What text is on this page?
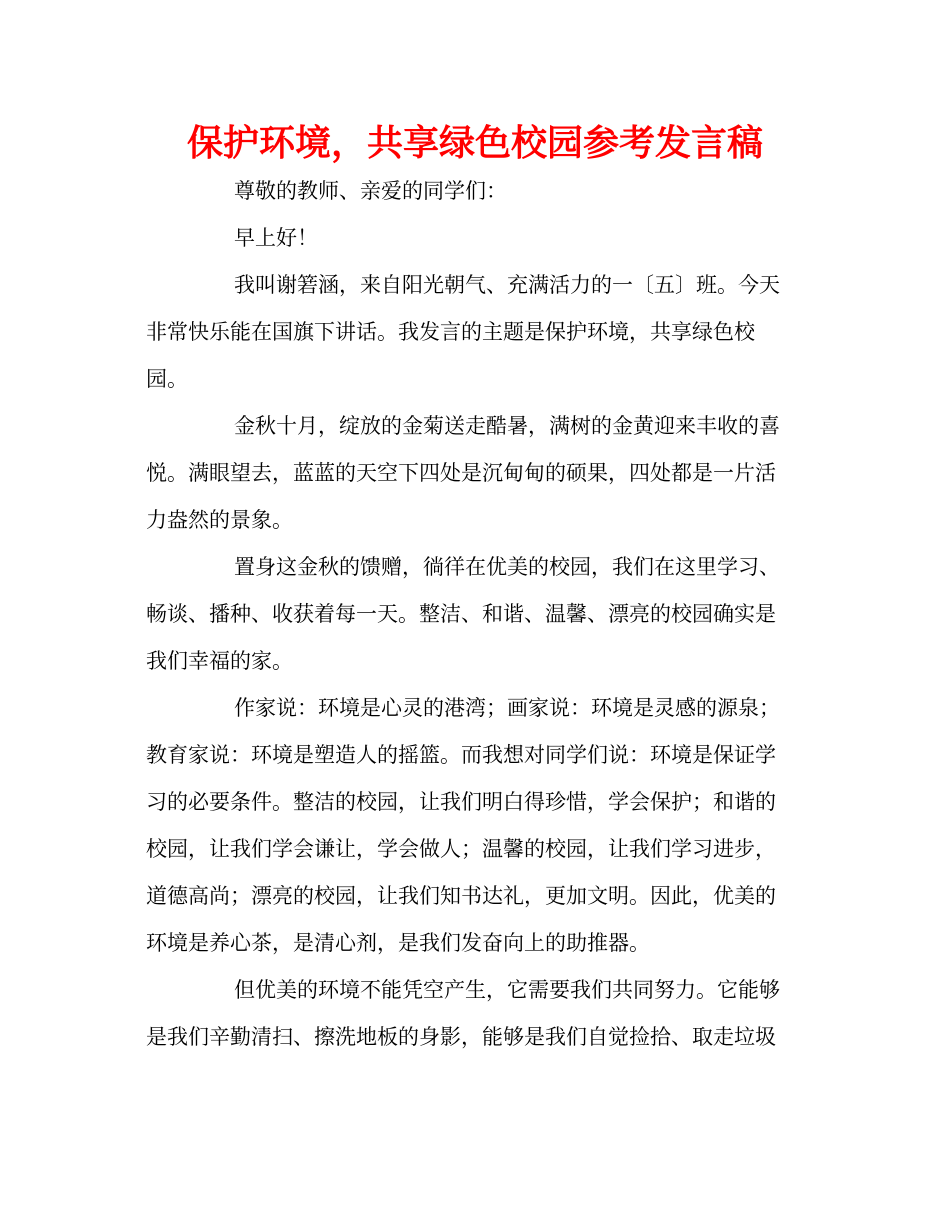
保护环境，共享绿色校园参考发言稿
尊敬的教师、亲爱的同学们：
早上好！
我叫谢箬涵，来自阳光朝气、充满活力的一〔五〕班。今天
非常快乐能在国旗下讲话。我发言的主题是保护环境，共享绿色校
园。
金秋十月，绽放的金菊送走酷暑，满树的金黄迎来丰收的喜
悦。满眼望去，蓝蓝的天空下四处是沉甸甸的硕果，四处都是一片活
力盎然的景象。
置身这金秋的馈赠，徜徉在优美的校园，我们在这里学习、
畅谈、播种、收获着每一天。整洁、和谐、温馨、漂亮的校园确实是
我们幸福的家。
作家说：环境是心灵的港湾；画家说：环境是灵感的源泉；
教育家说：环境是塑造人的摇篮。而我想对同学们说：环境是保证学
习的必要条件。整洁的校园，让我们明白得珍惜，学会保护；和谐的
校园，让我们学会谦让，学会做人；温馨的校园，让我们学习进步，
道德高尚；漂亮的校园，让我们知书达礼，更加文明。因此，优美的
环境是养心茶，是清心剂，是我们发奋向上的助推器。
但优美的环境不能凭空产生，它需要我们共同努力。它能够
是我们辛勤清扫、擦洗地板的身影，能够是我们自觉捡拾、取走垃圾
